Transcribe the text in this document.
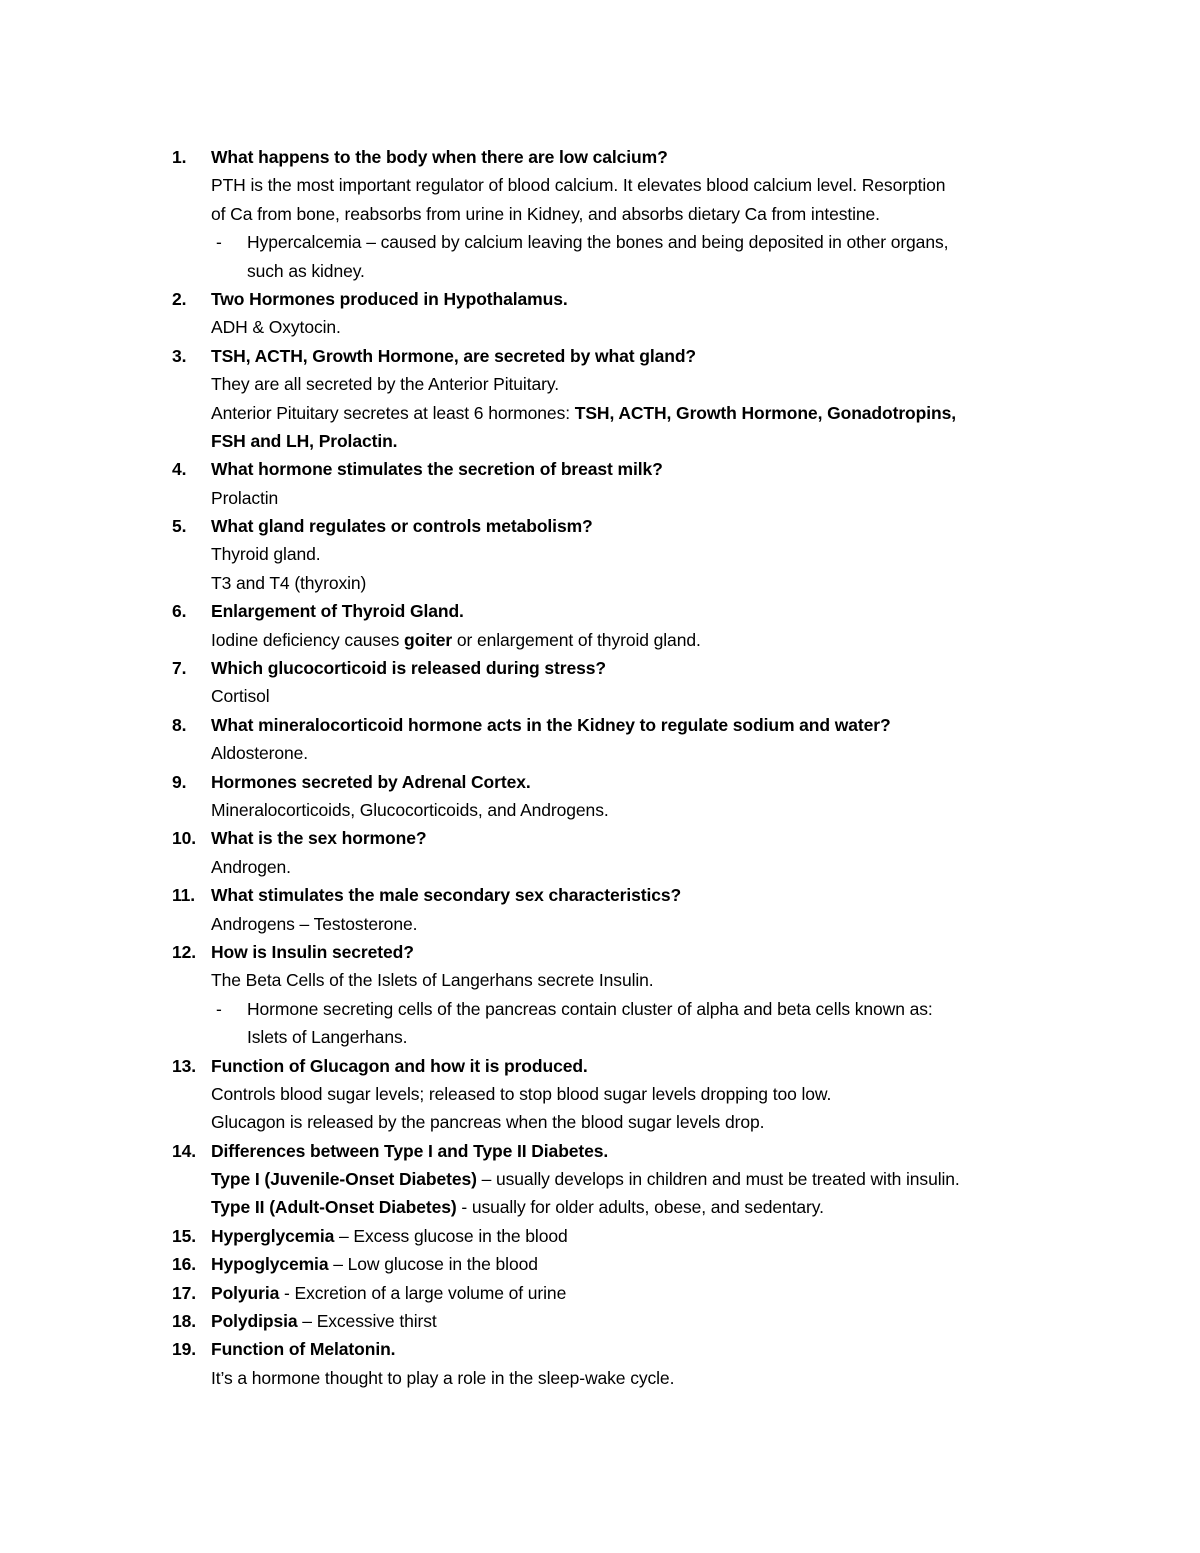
1. What happens to the body when there are low calcium?
PTH is the most important regulator of blood calcium. It elevates blood calcium level. Resorption
of Ca from bone, reabsorbs from urine in Kidney, and absorbs dietary Ca from intestine.
- Hypercalcemia – caused by calcium leaving the bones and being deposited in other organs,
such as kidney.
2. Two Hormones produced in Hypothalamus.
ADH & Oxytocin.
3. TSH, ACTH, Growth Hormone, are secreted by what gland?
They are all secreted by the Anterior Pituitary.
Anterior Pituitary secretes at least 6 hormones: TSH, ACTH, Growth Hormone, Gonadotropins,
FSH and LH, Prolactin.
4. What hormone stimulates the secretion of breast milk?
Prolactin
5. What gland regulates or controls metabolism?
Thyroid gland.
T3 and T4 (thyroxin)
6. Enlargement of Thyroid Gland.
Iodine deficiency causes goiter or enlargement of thyroid gland.
7. Which glucocorticoid is released during stress?
Cortisol
8. What mineralocorticoid hormone acts in the Kidney to regulate sodium and water?
Aldosterone.
9. Hormones secreted by Adrenal Cortex.
Mineralocorticoids, Glucocorticoids, and Androgens.
10. What is the sex hormone?
Androgen.
11. What stimulates the male secondary sex characteristics?
Androgens – Testosterone.
12. How is Insulin secreted?
The Beta Cells of the Islets of Langerhans secrete Insulin.
- Hormone secreting cells of the pancreas contain cluster of alpha and beta cells known as:
Islets of Langerhans.
13. Function of Glucagon and how it is produced.
Controls blood sugar levels; released to stop blood sugar levels dropping too low.
Glucagon is released by the pancreas when the blood sugar levels drop.
14. Differences between Type I and Type II Diabetes.
Type I (Juvenile-Onset Diabetes) – usually develops in children and must be treated with insulin.
Type II (Adult-Onset Diabetes) - usually for older adults, obese, and sedentary.
15. Hyperglycemia – Excess glucose in the blood
16. Hypoglycemia – Low glucose in the blood
17. Polyuria - Excretion of a large volume of urine
18. Polydipsia – Excessive thirst
19. Function of Melatonin.
It’s a hormone thought to play a role in the sleep-wake cycle.
